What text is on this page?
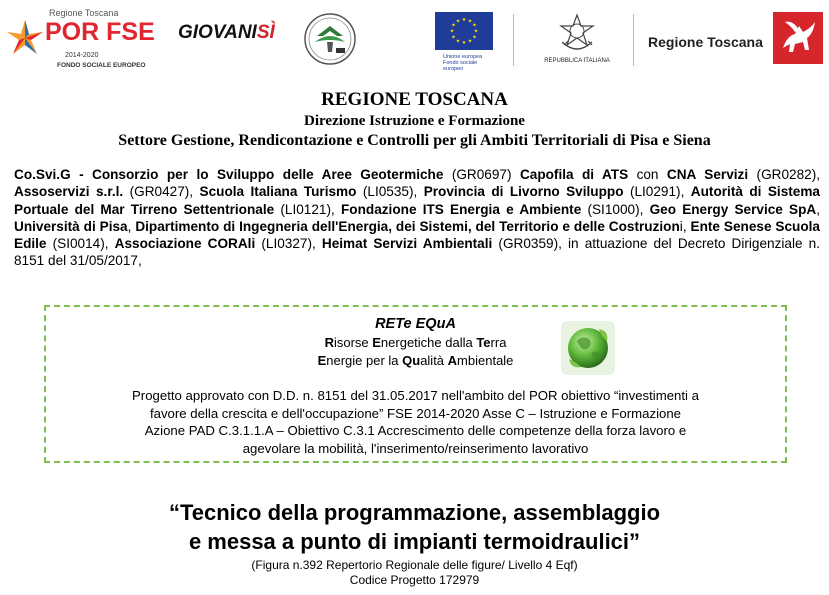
Regione Toscana
POR FSE
2014-2020
FONDO SOCIALE EUROPEO
GIOVANISÌ
★ ★
★
★
★
★
★
★
★
★
★
★
Unione europea
Fondo sociale europeo
REPUBBLICA ITALIANA
Regione Toscana
REGIONE TOSCANA
Direzione Istruzione e Formazione
Settore Gestione, Rendicontazione e Controlli per gli Ambiti Territoriali di Pisa e Siena
Co.Svi.G - Consorzio per lo Sviluppo delle Aree Geotermiche (GR0697) Capofila di ATS con CNA Servizi (GR0282), Assoservizi s.r.l. (GR0427), Scuola Italiana Turismo (LI0535), Provincia di Livorno Sviluppo (LI0291), Autorità di Sistema Portuale del Mar Tirreno Settentrionale (LI0121), Fondazione ITS Energia e Ambiente (SI1000), Geo Energy Service SpA, Università di Pisa, Dipartimento di Ingegneria dell'Energia, dei Sistemi, del Territorio e delle Costruzioni, Ente Senese Scuola Edile (SI0014), Associazione CORAli (LI0327), Heimat Servizi Ambientali (GR0359), in attuazione del Decreto Dirigenziale n. 8151 del 31/05/2017,
RETe EQuA
Risorse Energetiche dalla Terra
Energie per la Qualità Ambientale
Progetto approvato con D.D. n. 8151 del 31.05.2017 nell'ambito del POR obiettivo “investimenti a
favore della crescita e dell'occupazione” FSE 2014-2020 Asse C – Istruzione e Formazione
Azione PAD C.3.1.1.A – Obiettivo C.3.1 Accrescimento delle competenze della forza lavoro e
agevolare la mobilità, l'inserimento/reinserimento lavorativo
“Tecnico della programmazione, assemblaggio
e messa a punto di impianti termoidraulici”
(Figura n.392 Repertorio Regionale delle figure/ Livello 4 Eqf)
Codice Progetto 172979
